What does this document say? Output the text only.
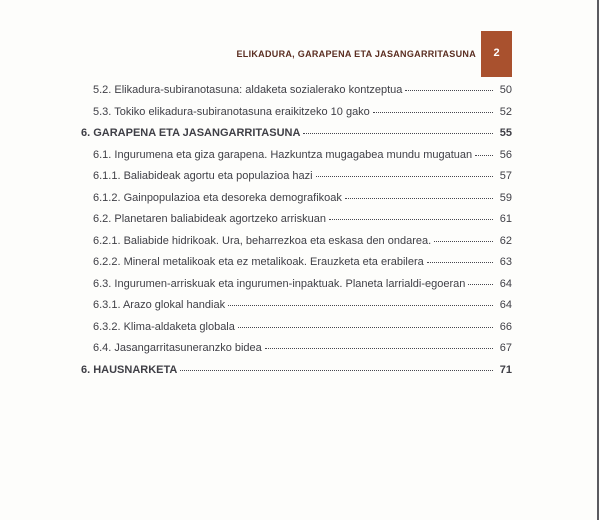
ELIKADURA, GARAPENA ETA JASANGARRITASUNA 2
5.2. Elikadura-subiranotasuna: aldaketa sozialerako kontzeptua	50
5.3. Tokiko elikadura-subiranotasuna eraikitzeko 10 gako	52
6. GARAPENA ETA JASANGARRITASUNA	55
6.1. Ingurumena eta giza garapena. Hazkuntza mugagabea mundu mugatuan	56
6.1.1. Baliabideak agortu eta populazioa hazi	57
6.1.2. Gainpopulazioa eta desoreka demografikoak	59
6.2. Planetaren baliabideak agortzeko arriskuan	61
6.2.1. Baliabide hidrikoak. Ura, beharrezkoa eta eskasa den ondarea.	62
6.2.2. Mineral metalikoak eta ez metalikoak. Erauzketa eta erabilera	63
6.3. Ingurumen-arriskuak eta ingurumen-inpaktuak. Planeta larrialdi-egoeran	64
6.3.1. Arazo glokal handiak	64
6.3.2. Klima-aldaketa globala	66
6.4. Jasangarritasuneranzko bidea	67
6. HAUSNARKETA	71
